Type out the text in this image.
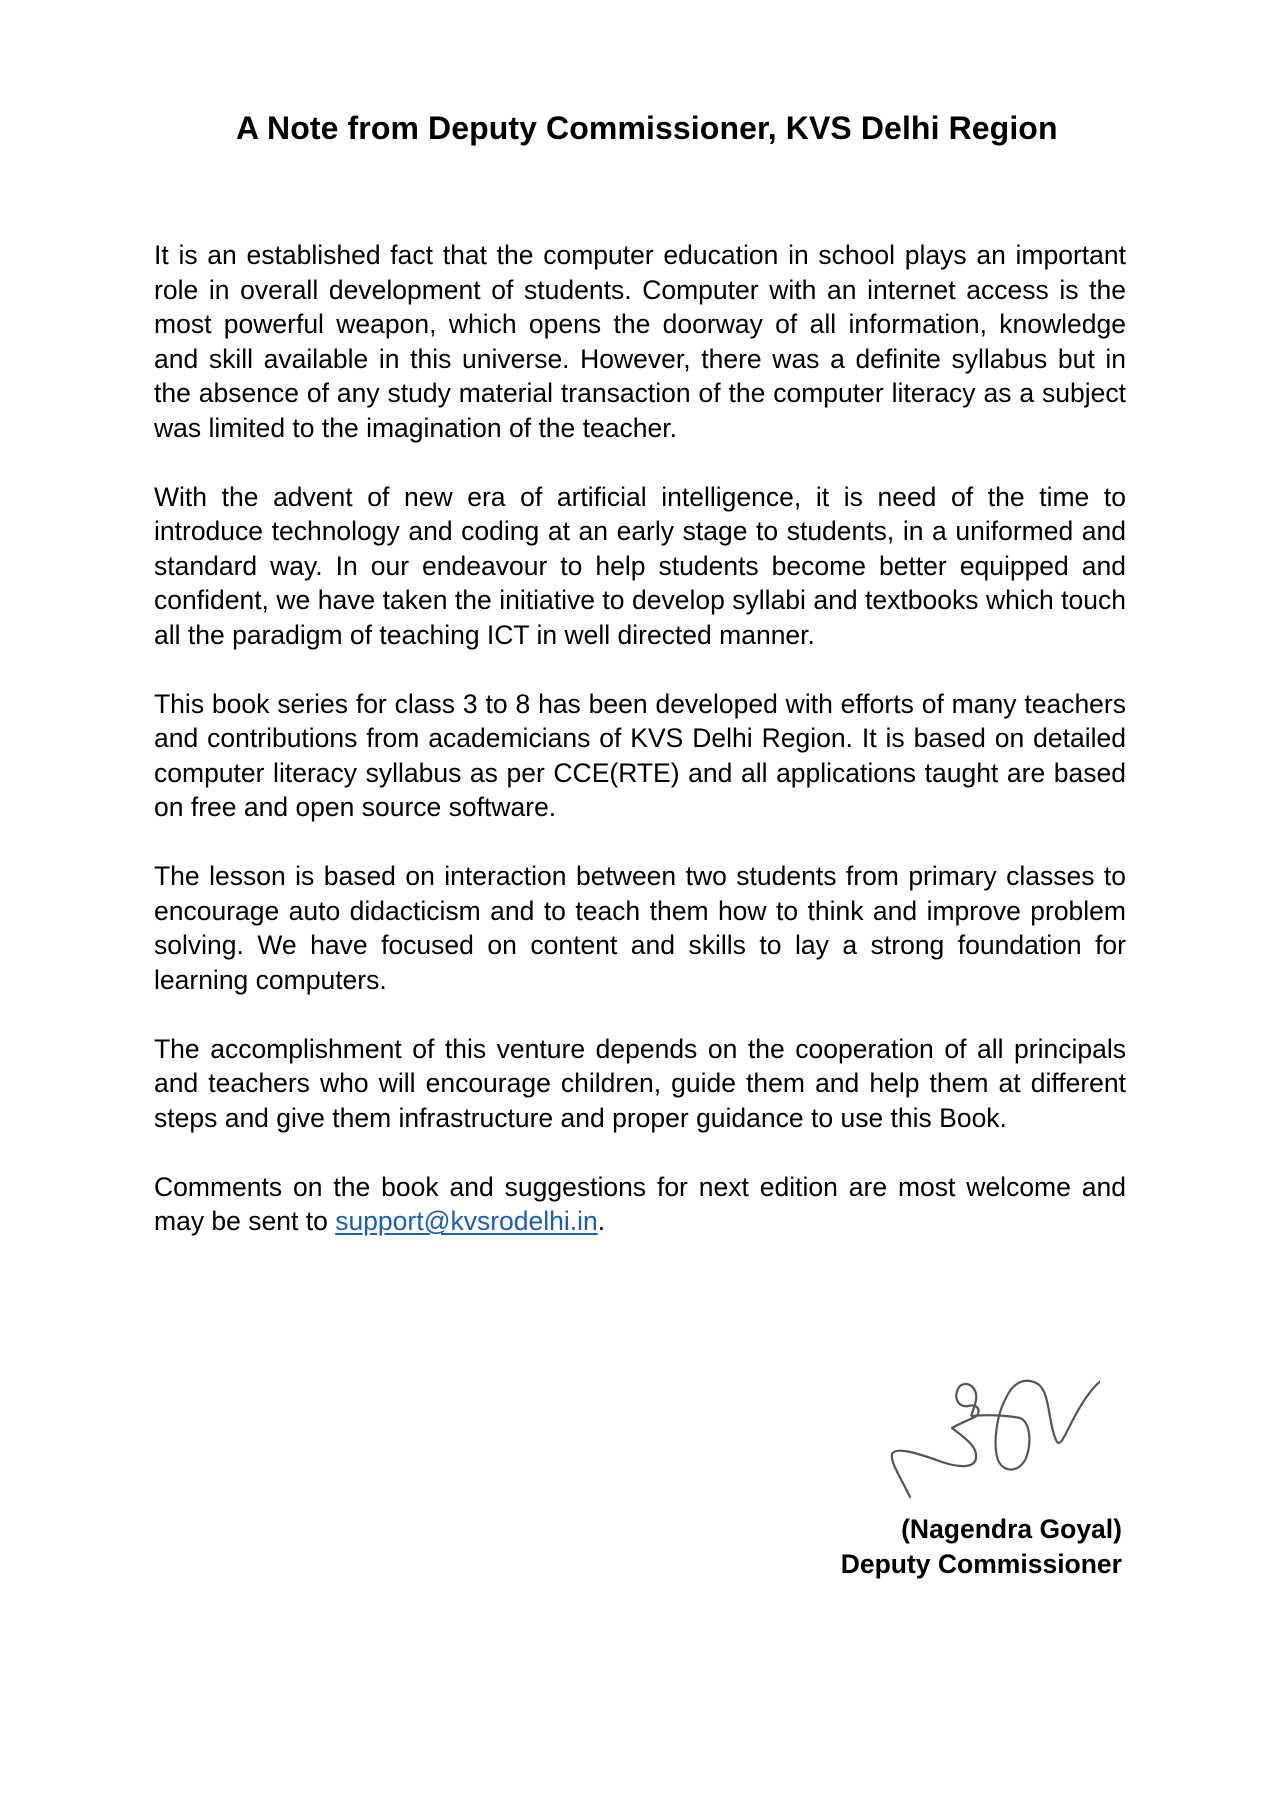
A Note from Deputy Commissioner, KVS Delhi Region

It is an established fact that the computer education in school plays an important role in overall development of students. Computer with an internet access is the most powerful weapon, which opens the doorway of all information, knowledge and skill available in this universe. However, there was a definite syllabus but in the absence of any study material transaction of the computer literacy as a subject was limited to the imagination of the teacher.

With the advent of new era of artificial intelligence, it is need of the time to introduce technology and coding at an early stage to students, in a uniformed and standard way. In our endeavour to help students become better equipped and confident, we have taken the initiative to develop syllabi and textbooks which touch all the paradigm of teaching ICT in well directed manner.

This book series for class 3 to 8 has been developed with efforts of many teachers and contributions from academicians of KVS Delhi Region. It is based on detailed computer literacy syllabus as per CCE(RTE) and all applications taught are based on free and open source software.

The lesson is based on interaction between two students from primary classes to encourage auto didacticism and to teach them how to think and improve problem solving. We have focused on content and skills to lay a strong foundation for learning computers.

The accomplishment of this venture depends on the cooperation of all principals and teachers who will encourage children, guide them and help them at different steps and give them infrastructure and proper guidance to use this Book.

Comments on the book and suggestions for next edition are most welcome and may be sent to support@kvsrodelhi.in.

(Nagendra Goyal)
Deputy Commissioner
